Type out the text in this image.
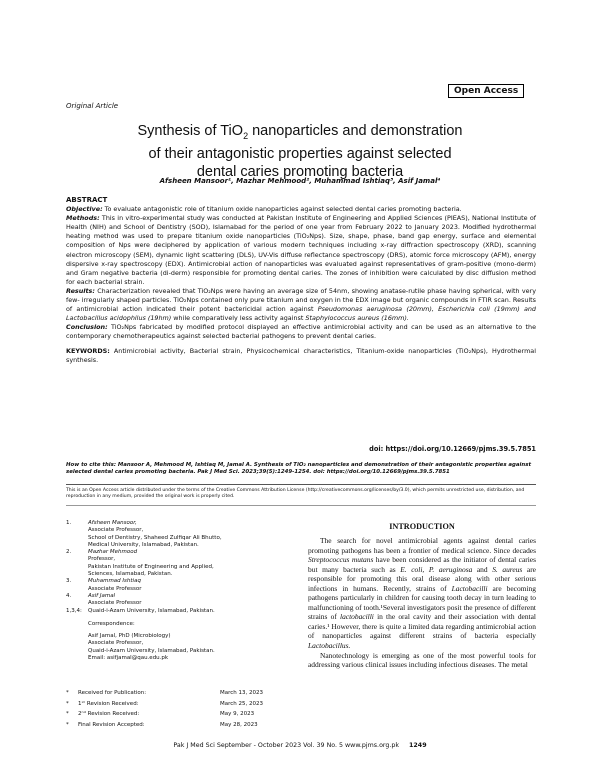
Open Access
Original Article
Synthesis of TiO$_2$ nanoparticles and demonstration
of their antagonistic properties against selected
dental caries promoting bacteria
Afsheen Mansoor¹, Mazhar Mehmood², Muhammad Ishtiaq³, Asif Jamal⁴

ABSTRACT

Objective: To evaluate antagonistic role of titanium oxide nanoparticles against selected dental caries promoting bacteria.

Methods: This in vitro-experimental study was conducted at Pakistan Institute of Engineering and Applied Sciences (PIEAS), National Institute of Health (NIH) and School of Dentistry (SOD), Islamabad for the period of one year from February 2022 to January 2023. Modified hydrothermal heating method was used to prepare titanium oxide nanoparticles (TiO₂Nps). Size, shape, phase, band gap energy, surface and elemental composition of Nps were deciphered by application of various modern techniques including x-ray diffraction spectroscopy (XRD), scanning electron microscopy (SEM), dynamic light scattering (DLS), UV-Vis diffuse reflectance spectroscopy (DRS), atomic force microscopy (AFM), energy dispersive x-ray spectroscopy (EDX). Antimicrobial action of nanoparticles was evaluated against representatives of gram-positive (mono-derm) and Gram negative bacteria (di-derm) responsible for promoting dental caries. The zones of inhibition were calculated by disc diffusion method for each bacterial strain.

Results: Characterization revealed that TiO₂Nps were having an average size of 54nm, showing anatase-rutile phase having spherical, with very few- irregularly shaped particles. TiO₂Nps contained only pure titanium and oxygen in the EDX image but organic compounds in FTIR scan. Results of antimicrobial action indicated their potent bactericidal action against Pseudomonas aeruginosa (20mm), Escherichia coli (19mm) and Lactobacillus acidophilus (19hm) while comparatively less activity against Staphylococcus aureus (16mm).

Conclusion: TiO₂Nps fabricated by modified protocol displayed an effective antimicrobial activity and can be used as an alternative to the contemporary chemotherapeutics against selected bacterial pathogens to prevent dental caries.

KEYWORDS: Antimicrobial activity, Bacterial strain, Physicochemical characteristics, Titanium-oxide nanoparticles (TiO₂Nps), Hydrothermal synthesis.

doi: https://doi.org/10.12669/pjms.39.5.7851
How to cite this: Mansoor A, Mehmood M, Ishtiaq M, Jamal A. Synthesis of TiO₂ nanoparticles and demonstration of their antagonistic properties against selected dental caries promoting bacteria. Pak J Med Sci. 2023;39(5):1249-1254. doi: https://doi.org/10.12669/pjms.39.5.7851
This is an Open Access article distributed under the terms of the Creative Commons Attribution License (http://creativecommons.org/licenses/by/3.0), which permits unrestricted use, distribution, and reproduction in any medium, provided the original work is properly cited.
1.	Afsheen Mansoor,
Associate Professor,
School of Dentistry, Shaheed Zulfiqar Ali Bhutto,
Medical University, Islamabad, Pakistan.
2.	Mazhar Mehmood
Professor,
Pakistan Institute of Engineering and Applied,
Sciences, Islamabad, Pakistan.
3.	Muhammad Ishtiaq
Associate Professor
4.	Asif Jamal
Associate Professor
1,3,4:	Quaid-i-Azam University, Islamabad, Pakistan.
Correspondence:
Asif Jamal, PhD (Microbiology)
Associate Professor,
Quaid-i-Azam University, Islamabad, Pakistan.
Email: asifjamal@qau.edu.pk
*	Received for Publication:	March 13, 2023
*	1ˢᵗ Revision Received:	March 25, 2023
*	2ⁿᵈ Revision Received:	May 9, 2023
*	Final Revision Accepted:	May 28, 2023
INTRODUCTION

The search for novel antimicrobial agents against dental caries promoting pathogens has been a frontier of medical science. Since decades Streptococcus mutans have been considered as the initiator of dental caries but many bacteria such as E. coli, P. aeruginosa and S. aureus are responsible for promoting this oral disease along with other serious infections in humans. Recently, strains of Lactobacilli are becoming pathogens particularly in children for causing tooth decay in turn leading to malfunctioning of tooth.¹Several investigators posit the presence of different strains of lactobacilli in the oral cavity and their association with dental caries.¹ However, there is quite a limited data regarding antimicrobial action of nanoparticles against different strains of bacteria especially Lactobacillus.

Nanotechnology is emerging as one of the most powerful tools for addressing various clinical issues including infectious diseases. The metal

Pak J Med Sci September - October 2023 Vol. 39 No. 5 www.pjms.org.pk 1249
